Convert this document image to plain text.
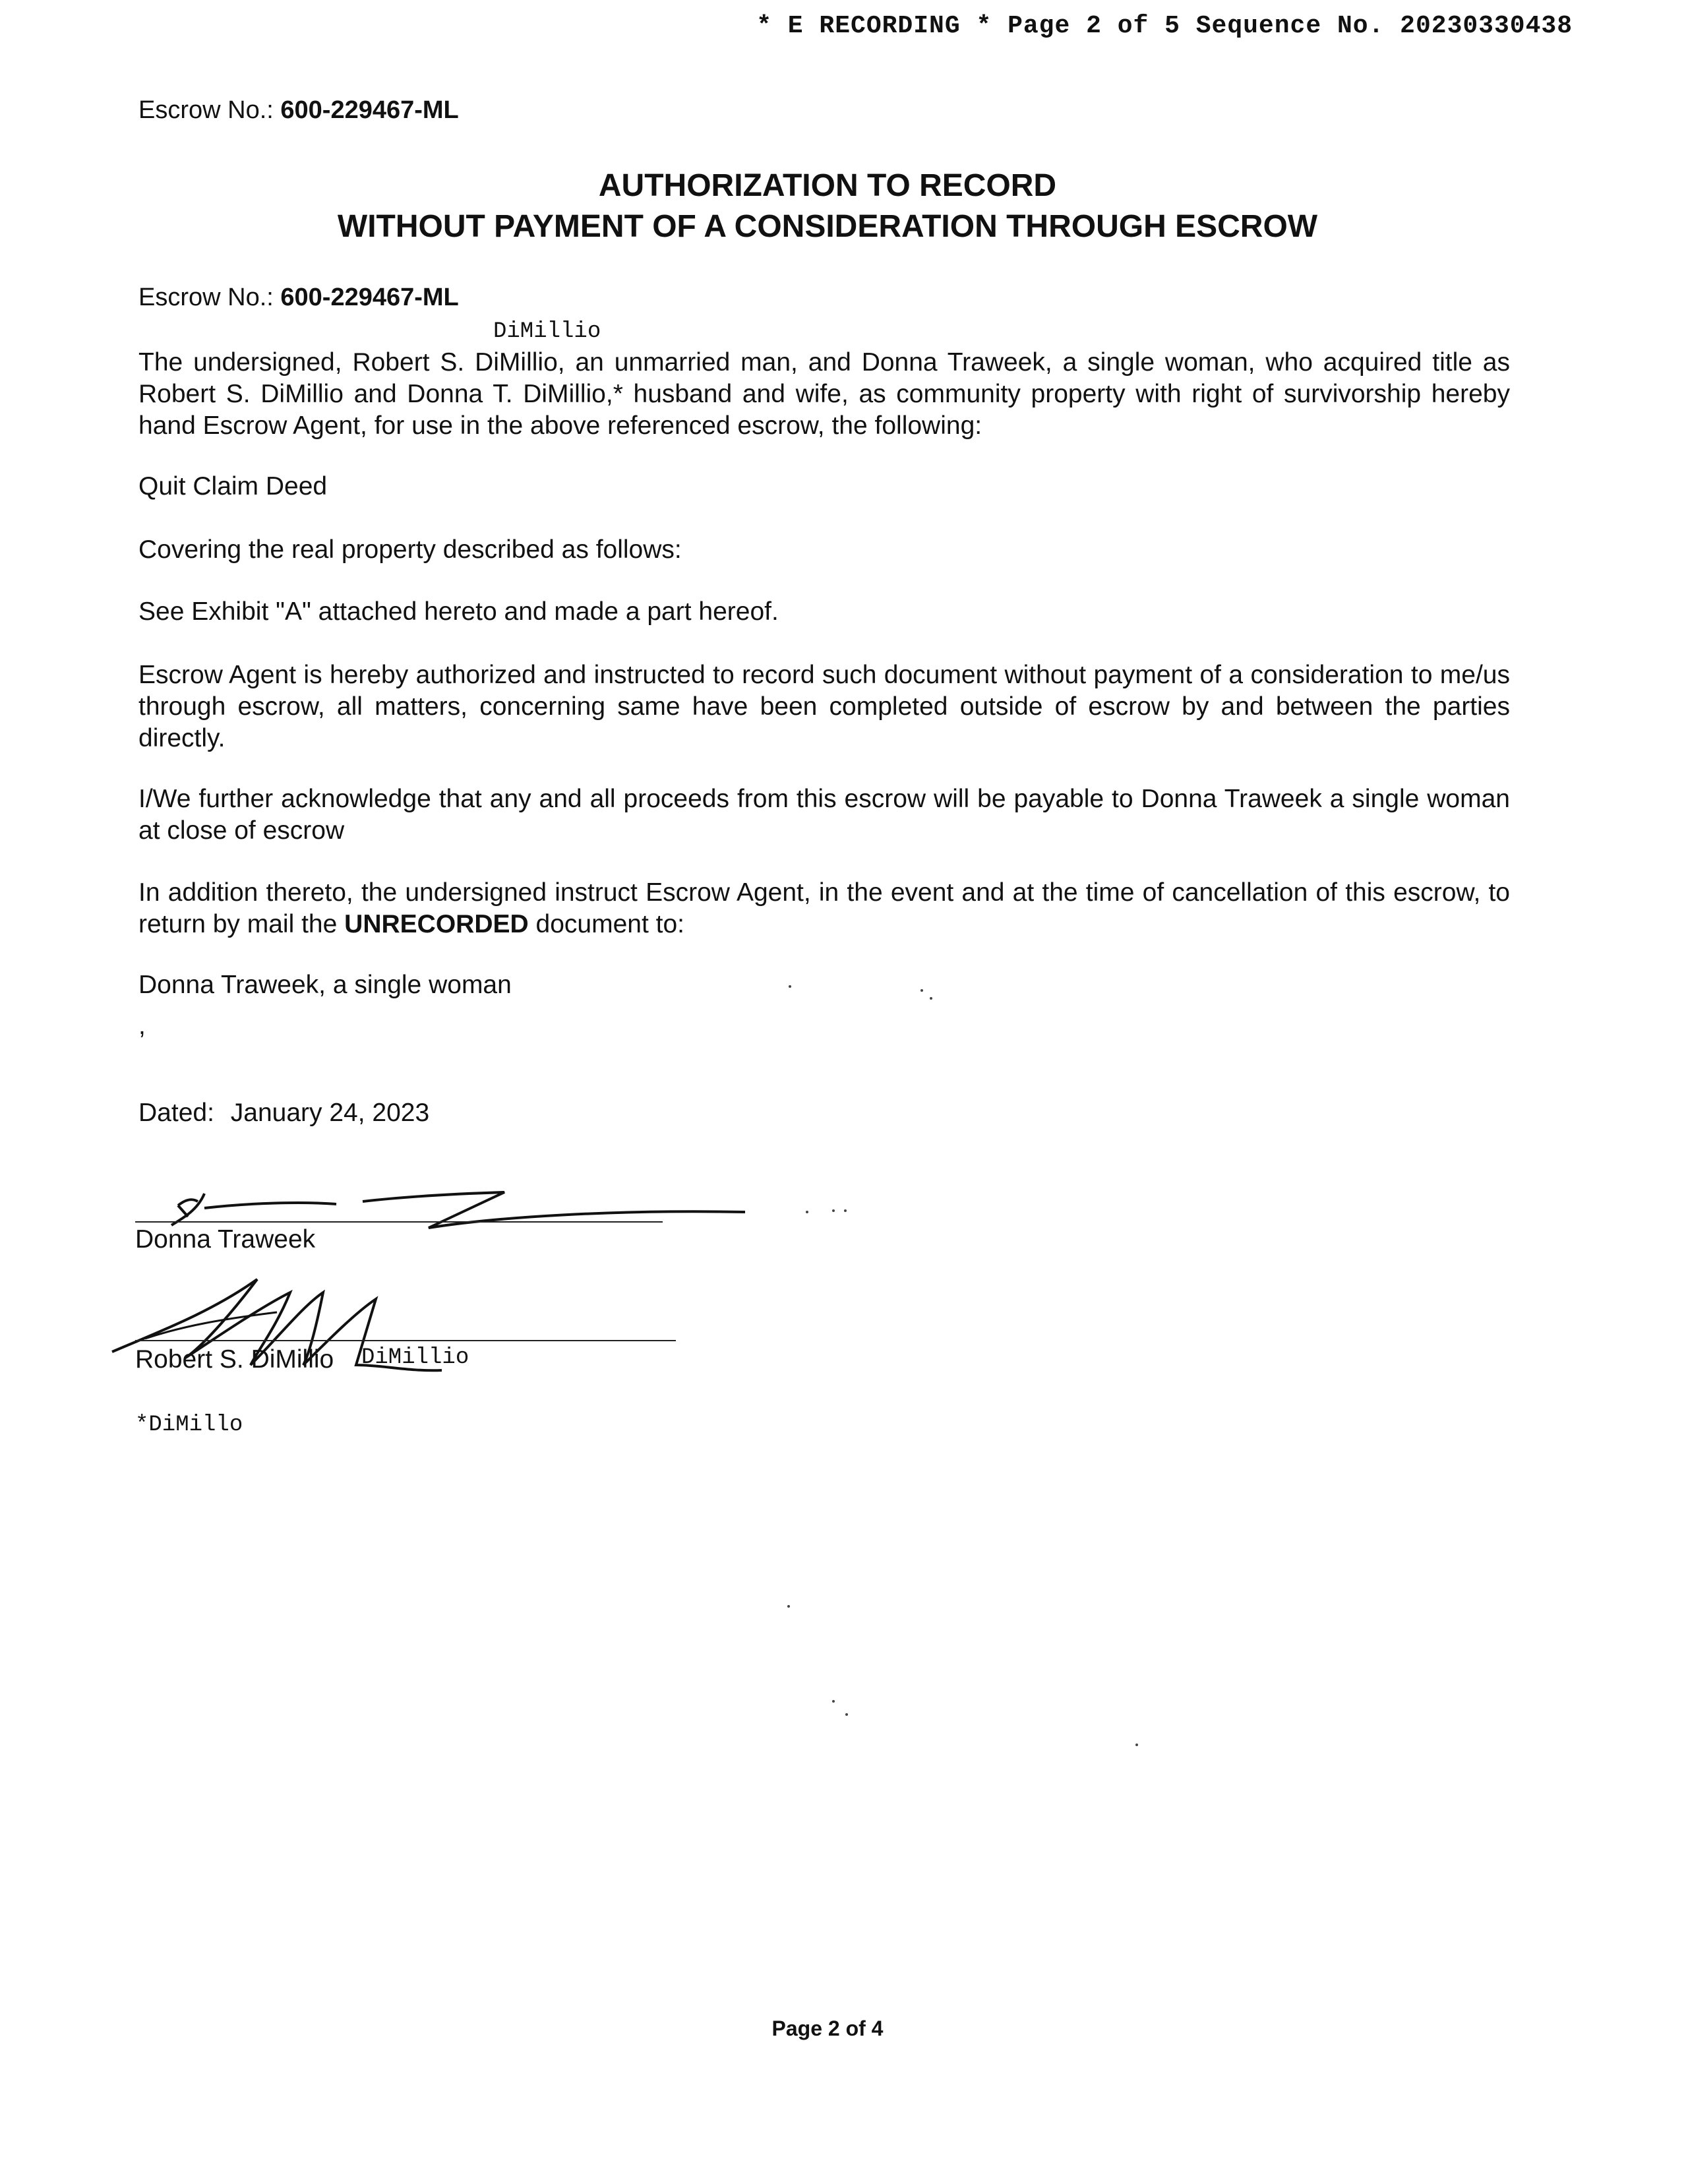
* E RECORDING * Page 2 of 5 Sequence No. 20230330438
Escrow No.: 600-229467-ML
AUTHORIZATION TO RECORD
WITHOUT PAYMENT OF A CONSIDERATION THROUGH ESCROW
Escrow No.: 600-229467-ML
DiMillio
The undersigned, Robert S. DiMillio, an unmarried man, and Donna Traweek, a single woman, who acquired title as Robert S. DiMillio and Donna T. DiMillio,* husband and wife, as community property with right of survivorship hereby hand Escrow Agent, for use in the above referenced escrow, the following:
Quit Claim Deed
Covering the real property described as follows:
See Exhibit "A" attached hereto and made a part hereof.
Escrow Agent is hereby authorized and instructed to record such document without payment of a consideration to me/us through escrow, all matters, concerning same have been completed outside of escrow by and between the parties directly.
I/We further acknowledge that any and all proceeds from this escrow will be payable to Donna Traweek a single woman at close of escrow
In addition thereto, the undersigned instruct Escrow Agent, in the event and at the time of cancellation of this escrow, to return by mail the UNRECORDED document to:
Donna Traweek, a single woman
,
Dated: January 24, 2023
Donna Traweek
Robert S. DiMillio DiMillio
*DiMillo
Page 2 of 4
